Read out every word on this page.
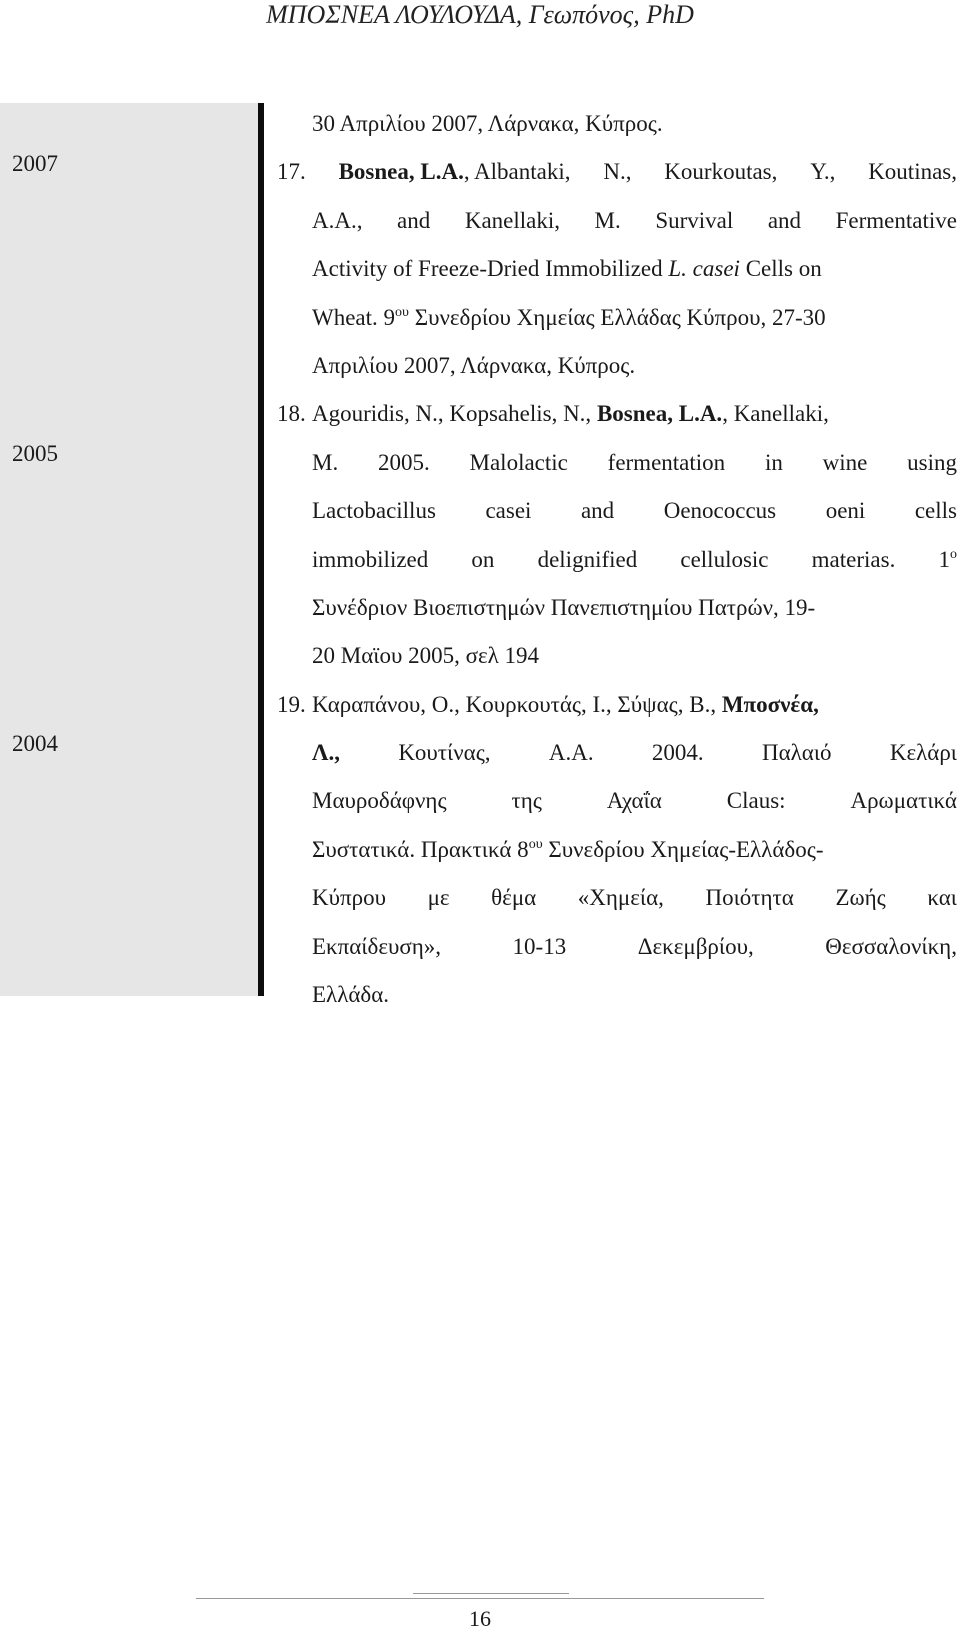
ΜΠΟΣΝΕΑ ΛΟΥΛΟΥΔΑ, Γεωπόνος, PhD
2007
2005
2004
30 Απριλίου 2007, Λάρνακα, Κύπρος.
17. Bosnea, L.A., Albantaki, N., Kourkoutas, Y., Koutinas,
A.A., and Kanellaki, M. Survival and Fermentative
Activity of Freeze-Dried Immobilized L. casei Cells on
Wheat. $9^{o\upsilon}$ Συνεδρίου Χημείας Ελλάδας Κύπρου, 27-30
Απριλίου 2007, Λάρνακα, Κύπρος.
18. Agouridis, N., Kopsahelis, N., Bosnea, L.A., Kanellaki,
M. 2005. Malolactic fermentation in wine using
Lactobacillus casei and Oenococcus oeni cells
immobilized on delignified cellulosic materias. $1^o$
Συνέδριον Βιοεπιστημών Πανεπιστημίου Πατρών, 19-
20 Μαϊου 2005, σελ 194
19. Καραπάνου, Ο., Κουρκουτάς, Ι., Σύψας, Β., Μποσνέα,
Λ.,	Κουτίνας,	Α.Α.	2004.	Παλαιό	Κελάρι
Μαυροδάφνης	της	Αχαΐα	Claus:	Αρωματικά
Συστατικά. Πρακτικά $8^{o\upsilon}$ Συνεδρίου Χημείας-Ελλάδος-
Κύπρου με θέμα «Χημεία, Ποιότητα Ζωής και
Εκπαίδευση»,	10-13	Δεκεμβρίου,	Θεσσαλονίκη,
Ελλάδα.
16
